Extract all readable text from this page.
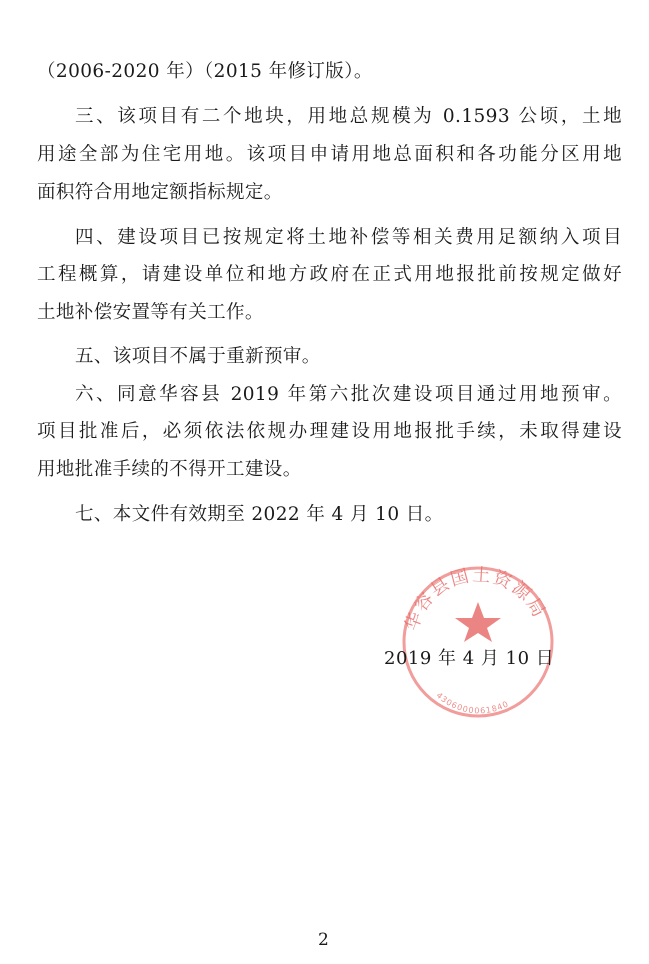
（2006-2020 年）（2015 年修订版）。
三、该项目有二个地块，用地总规模为 0.1593 公顷，土地
用途全部为住宅用地。该项目申请用地总面积和各功能分区用地
面积符合用地定额指标规定。
四、建设项目已按规定将土地补偿等相关费用足额纳入项目
工程概算，请建设单位和地方政府在正式用地报批前按规定做好
土地补偿安置等有关工作。
五、该项目不属于重新预审。
六、同意华容县 2019 年第六批次建设项目通过用地预审。
项目批准后，必须依法依规办理建设用地报批手续，未取得建设
用地批准手续的不得开工建设。
七、本文件有效期至 2022 年 4 月 10 日。
华容县国土资源局
4306000061840
2019 年 4 月 10 日
2
